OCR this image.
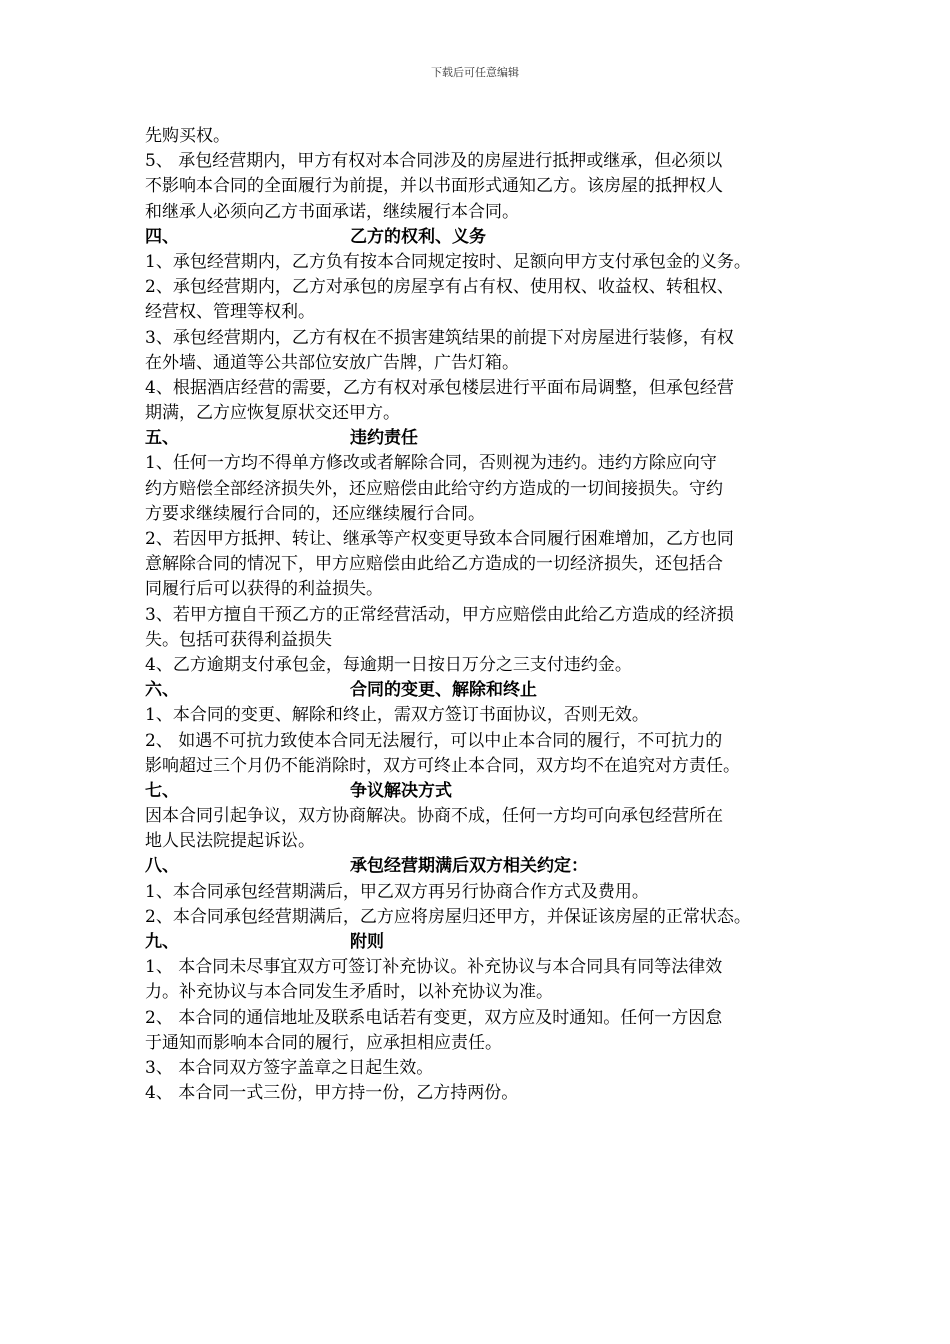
下载后可任意编辑
先购买权。
5、 承包经营期内，甲方有权对本合同涉及的房屋进行抵押或继承，但必须以
不影响本合同的全面履行为前提，并以书面形式通知乙方。该房屋的抵押权人
和继承人必须向乙方书面承诺，继续履行本合同。
四、	乙方的权利、义务
1、承包经营期内，乙方负有按本合同规定按时、足额向甲方支付承包金的义务。
2、承包经营期内，乙方对承包的房屋享有占有权、使用权、收益权、转租权、
经营权、管理等权利。
3、承包经营期内，乙方有权在不损害建筑结果的前提下对房屋进行装修，有权
在外墙、通道等公共部位安放广告牌，广告灯箱。
4、根据酒店经营的需要，乙方有权对承包楼层进行平面布局调整，但承包经营
期满，乙方应恢复原状交还甲方。
五、	违约责任
1、任何一方均不得单方修改或者解除合同，否则视为违约。违约方除应向守
约方赔偿全部经济损失外，还应赔偿由此给守约方造成的一切间接损失。守约
方要求继续履行合同的，还应继续履行合同。
2、若因甲方抵押、转让、继承等产权变更导致本合同履行困难增加，乙方也同
意解除合同的情况下，甲方应赔偿由此给乙方造成的一切经济损失，还包括合
同履行后可以获得的利益损失。
3、若甲方擅自干预乙方的正常经营活动，甲方应赔偿由此给乙方造成的经济损
失。包括可获得利益损失
4、乙方逾期支付承包金，每逾期一日按日万分之三支付违约金。
六、	合同的变更、解除和终止
1、本合同的变更、解除和终止，需双方签订书面协议，否则无效。
2、 如遇不可抗力致使本合同无法履行，可以中止本合同的履行，不可抗力的
影响超过三个月仍不能消除时，双方可终止本合同，双方均不在追究对方责任。
七、	争议解决方式
因本合同引起争议，双方协商解决。协商不成，任何一方均可向承包经营所在
地人民法院提起诉讼。
八、	承包经营期满后双方相关约定：
1、本合同承包经营期满后，甲乙双方再另行协商合作方式及费用。
2、本合同承包经营期满后，乙方应将房屋归还甲方，并保证该房屋的正常状态。
九、	附则
1、 本合同未尽事宜双方可签订补充协议。补充协议与本合同具有同等法律效
力。补充协议与本合同发生矛盾时，以补充协议为准。
2、 本合同的通信地址及联系电话若有变更，双方应及时通知。任何一方因怠
于通知而影响本合同的履行，应承担相应责任。
3、 本合同双方签字盖章之日起生效。
4、 本合同一式三份，甲方持一份，乙方持两份。
